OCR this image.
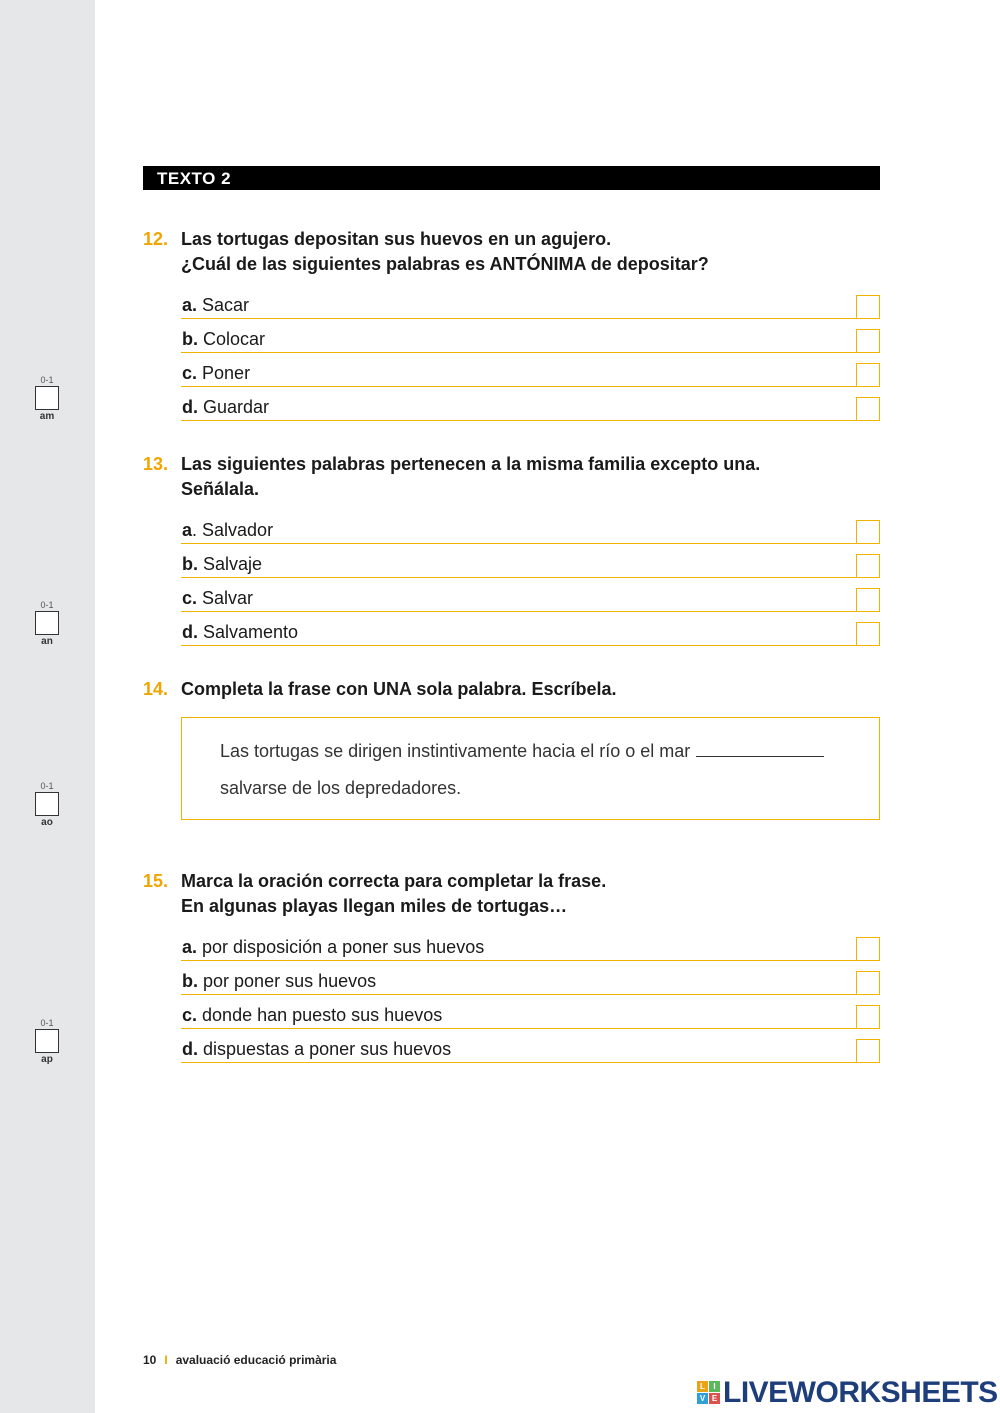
0-1
am
0-1
an
0-1
ao
0-1
ap
TEXTO 2
12. Las tortugas depositan sus huevos en un agujero.
¿Cuál de las siguientes palabras es ANTÓNIMA de depositar?
a. Sacar
b. Colocar
c. Poner
d. Guardar
13. Las siguientes palabras pertenecen a la misma familia excepto una.
Señálala.
a. Salvador
b. Salvaje
c. Salvar
d. Salvamento
14. Completa la frase con UNA sola palabra. Escríbela.
Las tortugas se dirigen instintivamente hacia el río o el mar
salvarse de los depredadores.
15. Marca la oración correcta para completar la frase.
En algunas playas llegan miles de tortugas…
a. por disposición a poner sus huevos
b. por poner sus huevos
c. donde han puesto sus huevos
d. dispuestas a poner sus huevos
10 I avaluació educació primària
L	I
V E LIVEWORKSHEETS
